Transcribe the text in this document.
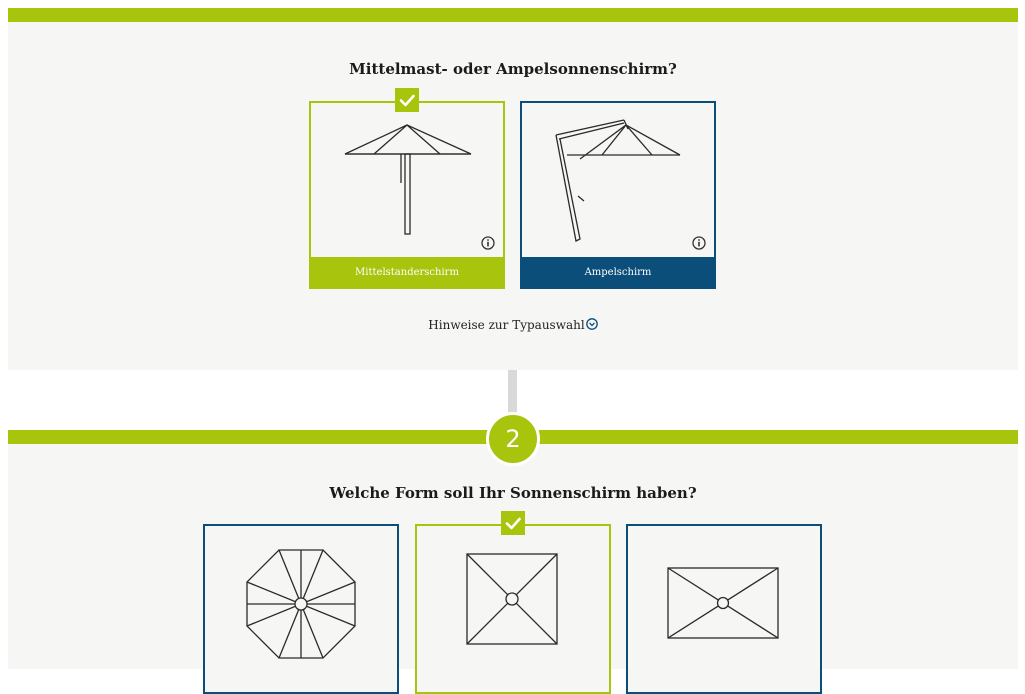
Mittelmast- oder Ampelsonnenschirm?
Mittelstanderschirm	Ampelschirm
Hinweise zur Typauswahl
2
Welche Form soll Ihr Sonnenschirm haben?
